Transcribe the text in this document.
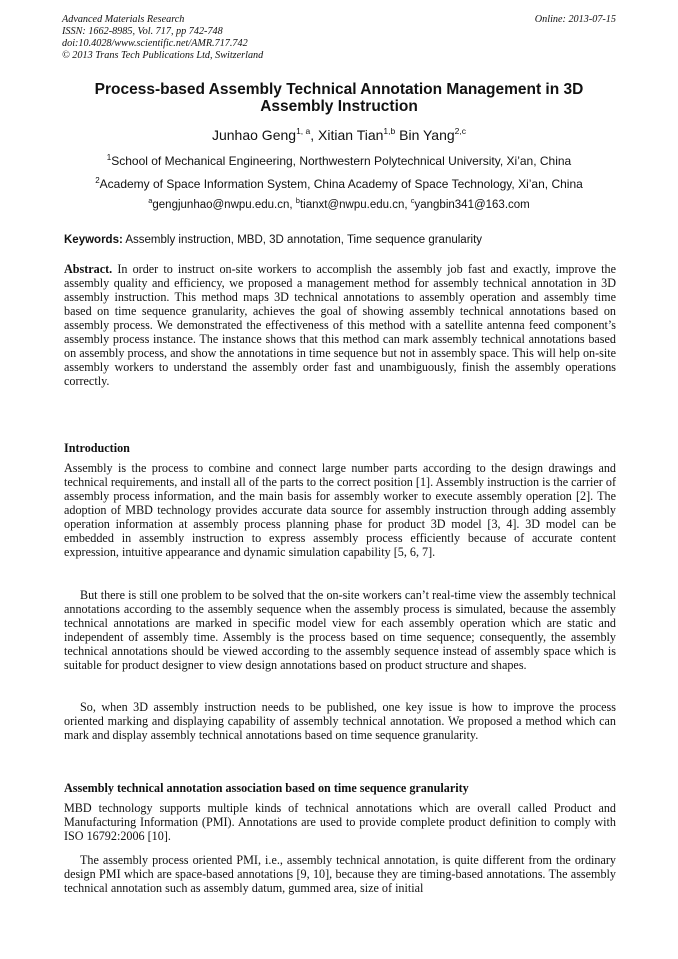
Advanced Materials Research
ISSN: 1662-8985, Vol. 717, pp 742-748
doi:10.4028/www.scientific.net/AMR.717.742
© 2013 Trans Tech Publications Ltd, Switzerland
Online: 2013-07-15
Process-based Assembly Technical Annotation Management in 3D Assembly Instruction
Junhao Geng$^{1, a}$, Xitian Tian$^{1,b}$ Bin Yang$^{2,c}$
$^1$School of Mechanical Engineering, Northwestern Polytechnical University, Xi’an, China
$^2$Academy of Space Information System, China Academy of Space Technology, Xi’an, China
$^a$gengjunhao@nwpu.edu.cn, $^b$tianxt@nwpu.edu.cn, $^c$yangbin341@163.com
Keywords: Assembly instruction, MBD, 3D annotation, Time sequence granularity
Abstract. In order to instruct on-site workers to accomplish the assembly job fast and exactly, improve the assembly quality and efficiency, we proposed a management method for assembly technical annotation in 3D assembly instruction. This method maps 3D technical annotations to assembly operation and assembly time based on time sequence granularity, achieves the goal of showing assembly technical annotations based on assembly process. We demonstrated the effectiveness of this method with a satellite antenna feed component’s assembly process instance. The instance shows that this method can mark assembly technical annotations based on assembly process, and show the annotations in time sequence but not in assembly space. This will help on-site assembly workers to understand the assembly order fast and unambiguously, finish the assembly operations correctly.
Introduction
Assembly is the process to combine and connect large number parts according to the design drawings and technical requirements, and install all of the parts to the correct position [1]. Assembly instruction is the carrier of assembly process information, and the main basis for assembly worker to execute assembly operation [2]. The adoption of MBD technology provides accurate data source for assembly instruction through adding assembly operation information at assembly process planning phase for product 3D model [3, 4]. 3D model can be embedded in assembly instruction to express assembly process efficiently because of accurate content expression, intuitive appearance and dynamic simulation capability [5, 6, 7].
But there is still one problem to be solved that the on-site workers can’t real-time view the assembly technical annotations according to the assembly sequence when the assembly process is simulated, because the assembly technical annotations are marked in specific model view for each assembly operation which are static and independent of assembly time. Assembly is the process based on time sequence; consequently, the assembly technical annotations should be viewed according to the assembly sequence instead of assembly space which is suitable for product designer to view design annotations based on product structure and shapes.
So, when 3D assembly instruction needs to be published, one key issue is how to improve the process oriented marking and displaying capability of assembly technical annotation. We proposed a method which can mark and display assembly technical annotations based on time sequence granularity.
Assembly technical annotation association based on time sequence granularity
MBD technology supports multiple kinds of technical annotations which are overall called Product and Manufacturing Information (PMI). Annotations are used to provide complete product definition to comply with ISO 16792:2006 [10].
The assembly process oriented PMI, i.e., assembly technical annotation, is quite different from the ordinary design PMI which are space-based annotations [9, 10], because they are timing-based annotations. The assembly technical annotation such as assembly datum, gummed area, size of initial
